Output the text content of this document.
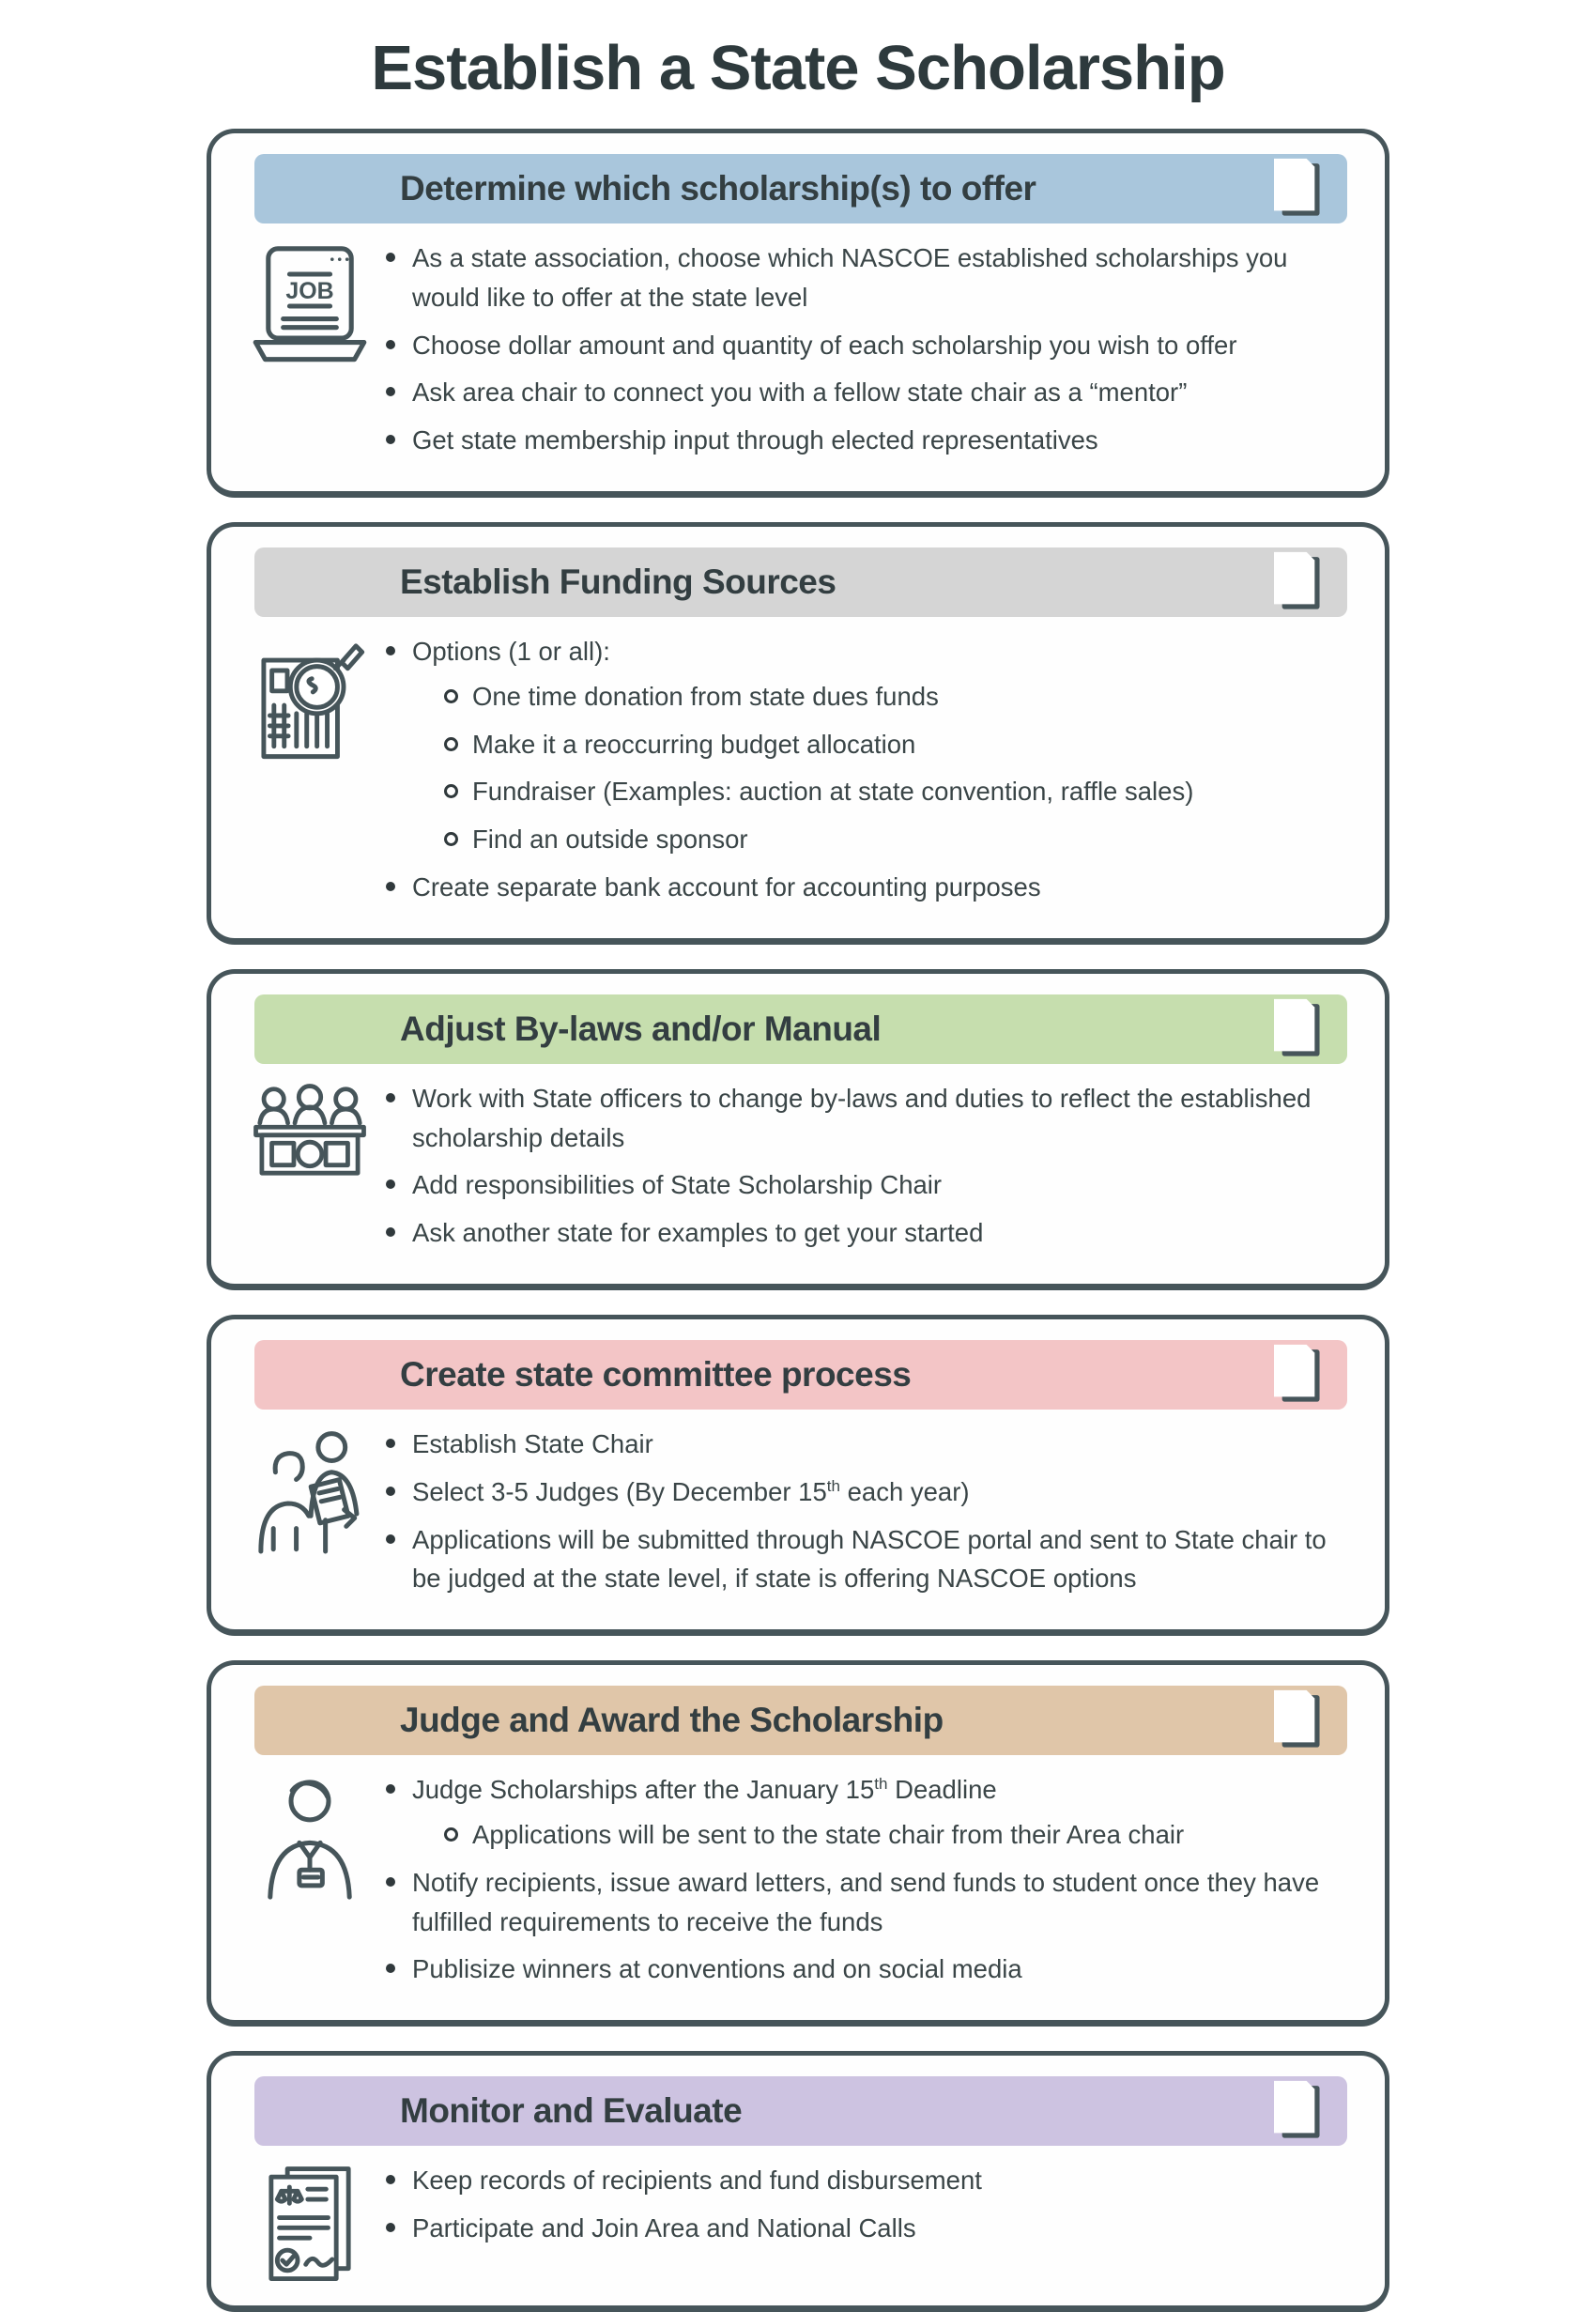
Establish a State Scholarship
Determine which scholarship(s) to offer
JOB
As a state association, choose which NASCOE established scholarships you would like to offer at the state level
Choose dollar amount and quantity of each scholarship you wish to offer
Ask area chair to connect you with a fellow state chair as a “mentor”
Get state membership input through elected representatives
Establish Funding Sources
Options (1 or all):
One time donation from state dues funds
Make it a reoccurring budget allocation
Fundraiser (Examples: auction at state convention, raffle sales)
Find an outside sponsor
Create separate bank account for accounting purposes
Adjust By-laws and/or Manual
Work with State officers to change by-laws and duties to reflect the established scholarship details
Add responsibilities of State Scholarship Chair
Ask another state for examples to get your started
Create state committee process
Establish State Chair
Select 3-5 Judges (By December 15th each year)
Applications will be submitted through NASCOE portal and sent to State chair to be judged at the state level, if state is offering NASCOE options
Judge and Award the Scholarship
Judge Scholarships after the January 15th Deadline
Applications will be sent to the state chair from their Area chair
Notify recipients, issue award letters, and send funds to student once they have fulfilled requirements to receive the funds
Publisize winners at conventions and on social media
Monitor and Evaluate
Keep records of recipients and fund disbursement
Participate and Join Area and National Calls
